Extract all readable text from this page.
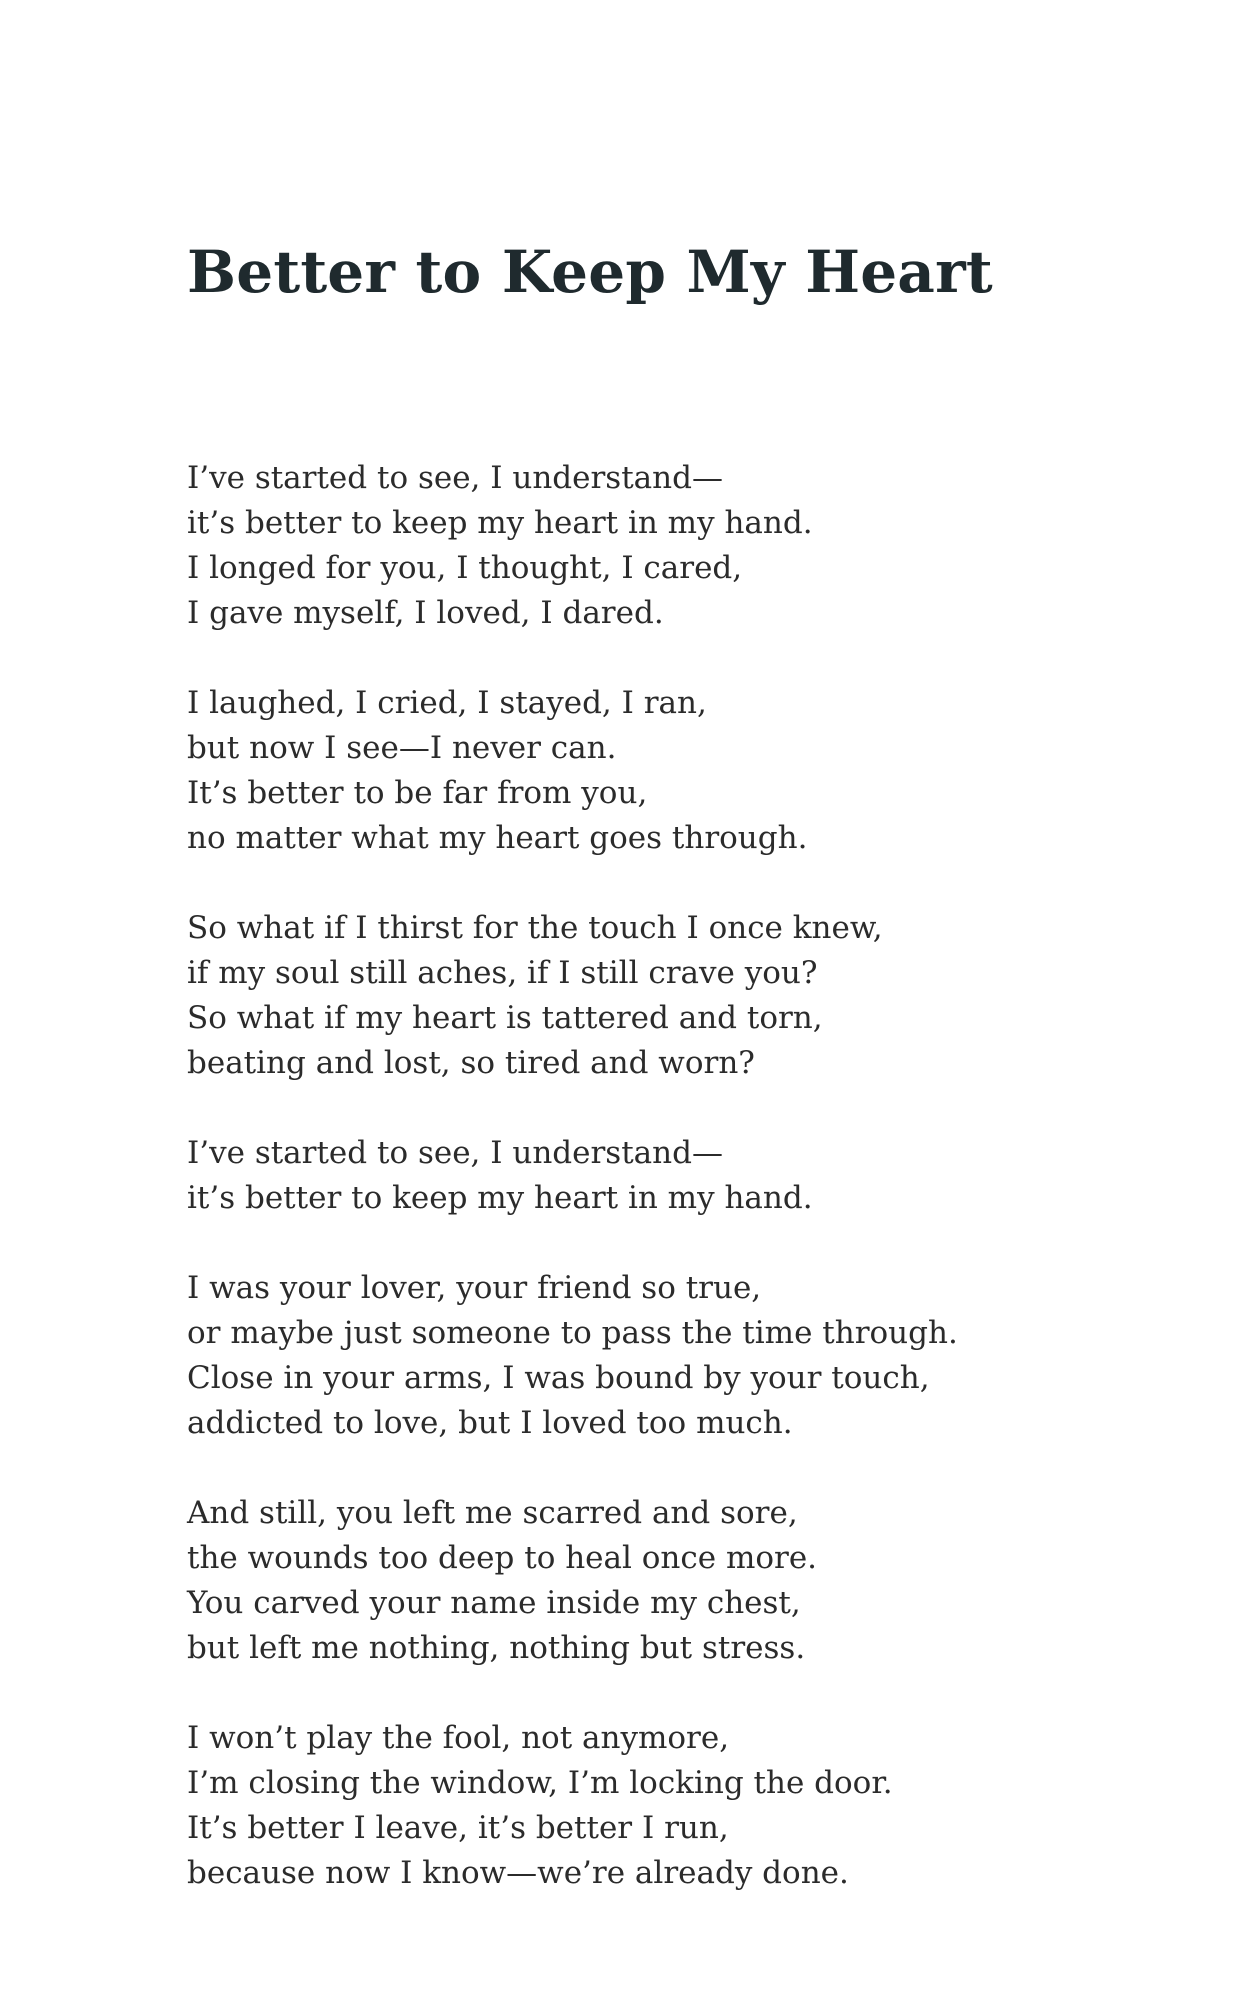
Better to Keep My Heart
I’ve started to see, I understand—
it’s better to keep my heart in my hand.
I longed for you, I thought, I cared,
I gave myself, I loved, I dared.
I laughed, I cried, I stayed, I ran,
but now I see—I never can.
It’s better to be far from you,
no matter what my heart goes through.
So what if I thirst for the touch I once knew,
if my soul still aches, if I still crave you?
So what if my heart is tattered and torn,
beating and lost, so tired and worn?
I’ve started to see, I understand—
it’s better to keep my heart in my hand.
I was your lover, your friend so true,
or maybe just someone to pass the time through.
Close in your arms, I was bound by your touch,
addicted to love, but I loved too much.
And still, you left me scarred and sore,
the wounds too deep to heal once more.
You carved your name inside my chest,
but left me nothing, nothing but stress.
I won’t play the fool, not anymore,
I’m closing the window, I’m locking the door.
It’s better I leave, it’s better I run,
because now I know—we’re already done.
